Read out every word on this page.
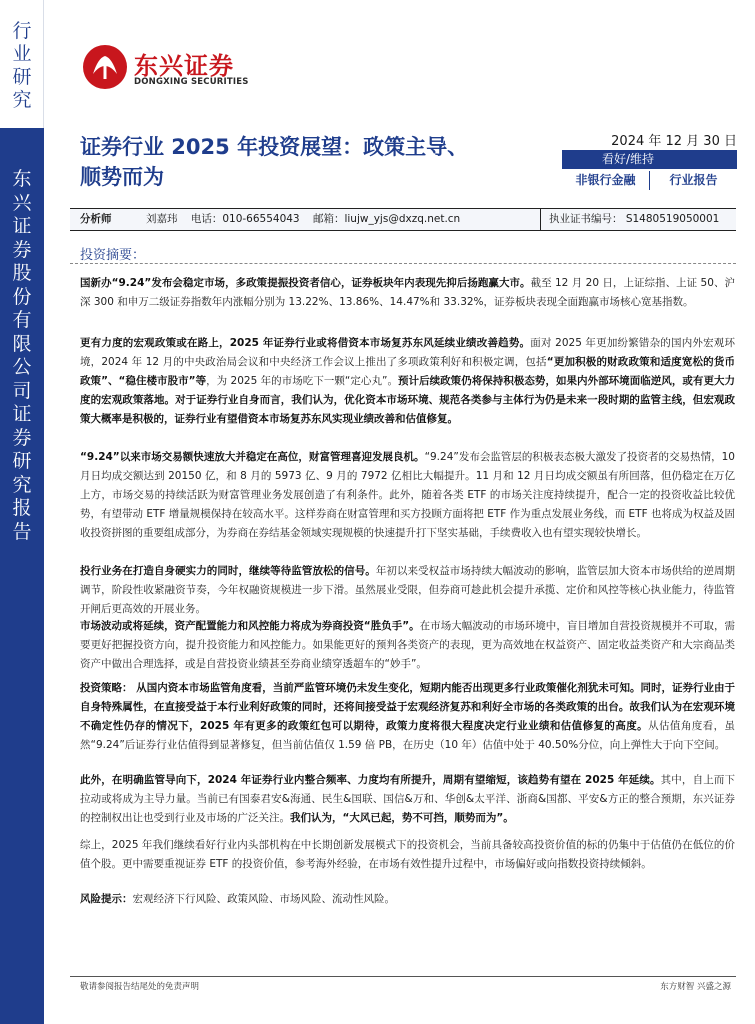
行业研究
东兴证券股份有限公司证券研究报告
东兴证券
DONGXING SECURITIES
证券行业 2025 年投资展望：政策主导、
顺势而为
2024 年 12 月 30 日
看好/维持
非银行金融	行业报告
分析师	刘嘉玮 电话：010-66554043 邮箱：liujw_yjs@dxzq.net.cn	执业证书编号： S1480519050001
投资摘要：
国新办“9.24”发布会稳定市场，多政策提振投资者信心，证券板块年内表现先抑后扬跑赢大市。截至 12 月 20 日，上证综指、上证 50、沪深 300 和申万二级证券指数年内涨幅分别为 13.22%、13.86%、14.47%和 33.32%，证券板块表现全面跑赢市场核心宽基指数。
更有力度的宏观政策或在路上，2025 年证券行业或将借资本市场复苏东风延续业绩改善趋势。面对 2025 年更加纷繁错杂的国内外宏观环境，2024 年 12 月的中央政治局会议和中央经济工作会议上推出了多项政策利好和积极定调，包括“更加积极的财政政策和适度宽松的货币政策”、“稳住楼市股市”等，为 2025 年的市场吃下一颗“定心丸”。预计后续政策仍将保持积极态势，如果内外部环境面临逆风，或有更大力度的宏观政策落地。对于证券行业自身而言，我们认为，优化资本市场环境、规范各类参与主体行为仍是未来一段时期的监管主线，但宏观政策大概率是积极的，证券行业有望借资本市场复苏东风实现业绩改善和估值修复。
“9.24”以来市场交易额快速放大并稳定在高位，财富管理喜迎发展良机。“9.24”发布会监管层的积极表态极大激发了投资者的交易热情，10 月日均成交额达到 20150 亿，和 8 月的 5973 亿、9 月的 7972 亿相比大幅提升。11 月和 12 月日均成交额虽有所回落，但仍稳定在万亿上方，市场交易的持续活跃为财富管理业务发展创造了有利条件。此外，随着各类 ETF 的市场关注度持续提升，配合一定的投资收益比较优势，有望带动 ETF 增量规模保持在较高水平。这样券商在财富管理和买方投顾方面将把 ETF 作为重点发展业务线，而 ETF 也将成为权益及固收投资拼图的重要组成部分，为券商在券结基金领域实现规模的快速提升打下坚实基础，手续费收入也有望实现较快增长。
投行业务在打造自身硬实力的同时，继续等待监管放松的信号。年初以来受权益市场持续大幅波动的影响，监管层加大资本市场供给的逆周期调节，阶段性收紧融资节奏，今年权融资规模进一步下滑。虽然展业受限，但券商可趁此机会提升承揽、定价和风控等核心执业能力，待监管开闸后更高效的开展业务。
市场波动或将延续，资产配置能力和风控能力将成为券商投资“胜负手”。在市场大幅波动的市场环境中，盲目增加自营投资规模并不可取，需要更好把握投资方向，提升投资能力和风控能力。如果能更好的预判各类资产的表现，更为高效地在权益资产、固定收益类资产和大宗商品类资产中做出合理选择，或是自营投资业绩甚至券商业绩穿透超车的“妙手”。
投资策略： 从国内资本市场监管角度看，当前严监管环境仍未发生变化，短期内能否出现更多行业政策催化剂犹未可知。同时，证券行业由于自身特殊属性，在直接受益于本行业利好政策的同时，还将间接受益于宏观经济复苏和利好全市场的各类政策的出台。故我们认为在宏观环境不确定性仍存的情况下，2025 年有更多的政策红包可以期待，政策力度将很大程度决定行业业绩和估值修复的高度。从估值角度看，虽然“9.24”后证券行业估值得到显著修复，但当前估值仅 1.59 倍 PB，在历史（10 年）估值中处于 40.50%分位，向上弹性大于向下空间。
此外，在明确监管导向下，2024 年证券行业内整合频率、力度均有所提升，周期有望缩短，该趋势有望在 2025 年延续。其中，自上而下拉动或将成为主导力量。当前已有国泰君安&海通、民生&国联、国信&万和、华创&太平洋、浙商&国都、平安&方正的整合预期，东兴证券的控制权出让也受到行业及市场的广泛关注。我们认为，“大风已起，势不可挡，顺势而为”。
综上，2025 年我们继续看好行业内头部机构在中长期创新发展模式下的投资机会，当前具备较高投资价值的标的仍集中于估值仍在低位的价值个股。更中需要重视证券 ETF 的投资价值，参考海外经验，在市场有效性提升过程中，市场偏好或向指数投资持续倾斜。
风险提示：宏观经济下行风险、政策风险、市场风险、流动性风险。
敬请参阅报告结尾处的免责声明	东方财智 兴盛之源
